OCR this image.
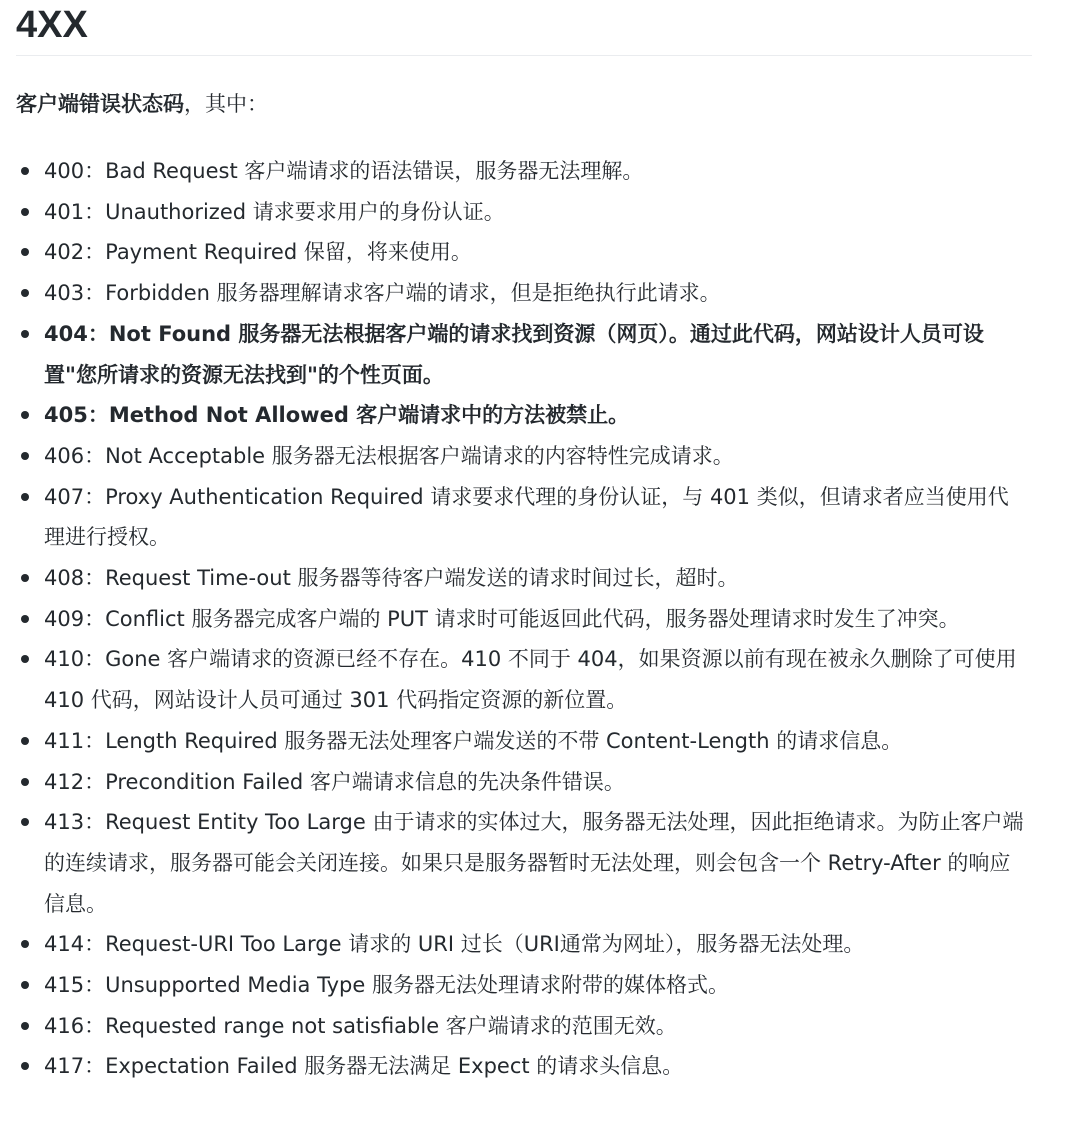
4XX

客户端错误状态码，其中：

400：Bad Request 客户端请求的语法错误，服务器无法理解。
401：Unauthorized 请求要求用户的身份认证。
402：Payment Required 保留，将来使用。
403：Forbidden 服务器理解请求客户端的请求，但是拒绝执行此请求。
404：Not Found 服务器无法根据客户端的请求找到资源（网页）。通过此代码，网站设计人员可设置"您所请求的资源无法找到"的个性页面。
405：Method Not Allowed 客户端请求中的方法被禁止。
406：Not Acceptable 服务器无法根据客户端请求的内容特性完成请求。
407：Proxy Authentication Required 请求要求代理的身份认证，与 401 类似，但请求者应当使用代理进行授权。
408：Request Time-out 服务器等待客户端发送的请求时间过长，超时。
409：Conflict 服务器完成客户端的 PUT 请求时可能返回此代码，服务器处理请求时发生了冲突。
410：Gone 客户端请求的资源已经不存在。410 不同于 404，如果资源以前有现在被永久删除了可使用 410 代码，网站设计人员可通过 301 代码指定资源的新位置。
411：Length Required 服务器无法处理客户端发送的不带 Content-Length 的请求信息。
412：Precondition Failed 客户端请求信息的先决条件错误。
413：Request Entity Too Large 由于请求的实体过大，服务器无法处理，因此拒绝请求。为防止客户端的连续请求，服务器可能会关闭连接。如果只是服务器暂时无法处理，则会包含一个 Retry-After 的响应信息。
414：Request-URI Too Large 请求的 URI 过长（URI通常为网址），服务器无法处理。
415：Unsupported Media Type 服务器无法处理请求附带的媒体格式。
416：Requested range not satisfiable 客户端请求的范围无效。
417：Expectation Failed 服务器无法满足 Expect 的请求头信息。
